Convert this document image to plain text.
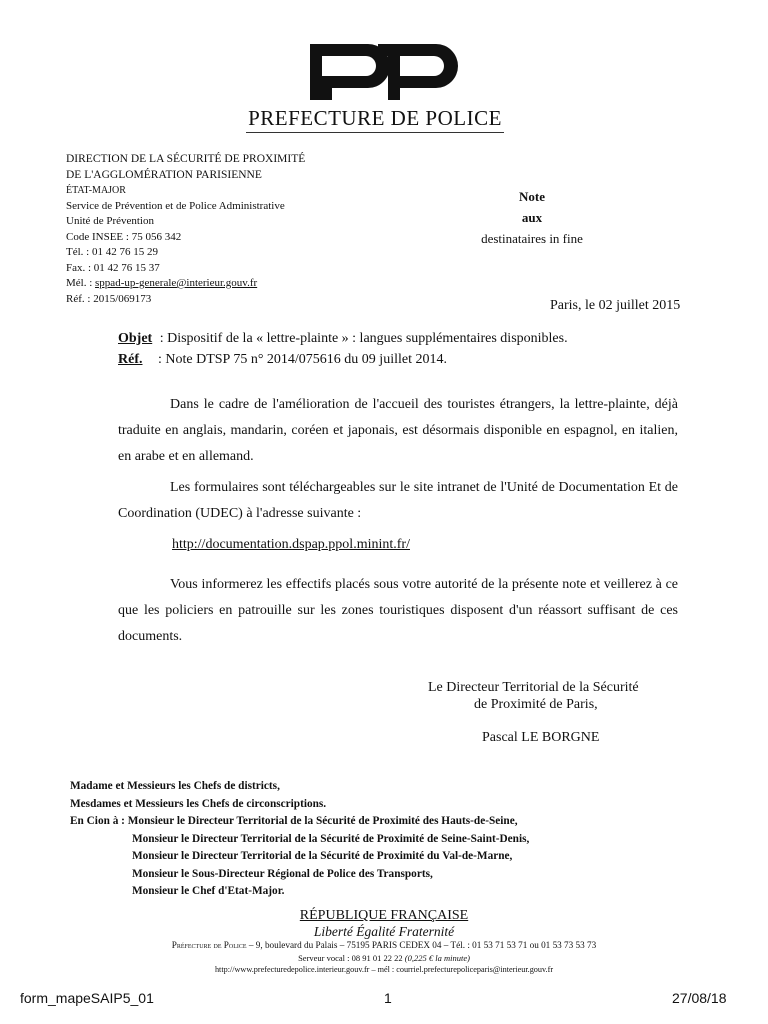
PREFECTURE DE POLICE
DIRECTION DE LA SÉCURITÉ DE PROXIMITÉ
DE L'AGGLOMÉRATION PARISIENNE
ÉTAT-MAJOR
Service de Prévention et de Police Administrative
Unité de Prévention
Code INSEE : 75 056 342
Tél. : 01 42 76 15 29
Fax. : 01 42 76 15 37
Mél. : sppad-up-generale@interieur.gouv.fr
Réf. : 2015/069173
Note
aux
destinataires in fine
Paris, le 02 juillet 2015
Objet : Dispositif de la « lettre-plainte » : langues supplémentaires disponibles.
Réf. : Note DTSP 75 n° 2014/075616 du 09 juillet 2014.
Dans le cadre de l'amélioration de l'accueil des touristes étrangers, la lettre-plainte, déjà traduite en anglais, mandarin, coréen et japonais, est désormais disponible en espagnol, en italien, en arabe et en allemand.
Les formulaires sont téléchargeables sur le site intranet de l'Unité de Documentation Et de Coordination (UDEC) à l'adresse suivante :
http://documentation.dspap.ppol.minint.fr/
Vous informerez les effectifs placés sous votre autorité de la présente note et veillerez à ce que les policiers en patrouille sur les zones touristiques disposent d'un réassort suffisant de ces documents.
Le Directeur Territorial de la Sécurité
de Proximité de Paris,
Pascal LE BORGNE
Madame et Messieurs les Chefs de districts,
Mesdames et Messieurs les Chefs de circonscriptions.
En Cion à : Monsieur le Directeur Territorial de la Sécurité de Proximité des Hauts-de-Seine,
Monsieur le Directeur Territorial de la Sécurité de Proximité de Seine-Saint-Denis,
Monsieur le Directeur Territorial de la Sécurité de Proximité du Val-de-Marne,
Monsieur le Sous-Directeur Régional de Police des Transports,
Monsieur le Chef d'Etat-Major.
RÉPUBLIQUE FRANÇAISE
Liberté Égalité Fraternité
Préfecture de Police – 9, boulevard du Palais – 75195 PARIS CEDEX 04 – Tél. : 01 53 71 53 71 ou 01 53 73 53 73
Serveur vocal : 08 91 01 22 22 (0,225 € la minute)
http://www.prefecturedepolice.interieur.gouv.fr – mél : courriel.prefecturepoliceparis@interieur.gouv.fr
form_mapeSAIP5_01	1	27/08/18
